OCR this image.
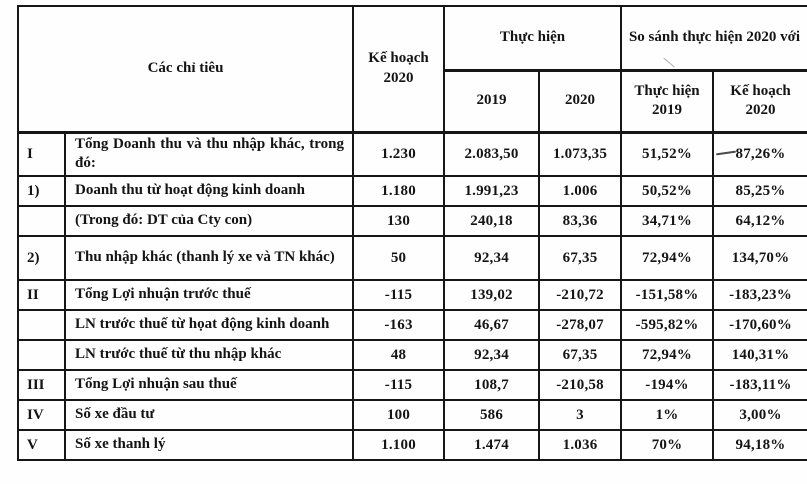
Các chỉ tiêu		Kế hoạch 2020	Thực hiện		So sánh thực hiện 2020 với	
			2019	2020	Thực hiện 2019	Kế hoạch 2020
I	Tổng Doanh thu và thu nhập khác, trong đó:	1.230	2.083,50	1.073,35	51,52%	87,26%
1)	Doanh thu từ hoạt động kinh doanh	1.180	1.991,23	1.006	50,52%	85,25%
	(Trong đó: DT của Cty con)	130	240,18	83,36	34,71%	64,12%
2)	Thu nhập khác (thanh lý xe và TN khác)	50	92,34	67,35	72,94%	134,70%
II	Tổng Lợi nhuận trước thuế	-115	139,02	-210,72	-151,58%	-183,23%
	LN trước thuế từ họat động kinh doanh	-163	46,67	-278,07	-595,82%	-170,60%
	LN trước thuế từ thu nhập khác	48	92,34	67,35	72,94%	140,31%
III	Tổng Lợi nhuận sau thuế	-115	108,7	-210,58	-194%	-183,11%
IV	Số xe đầu tư	100	586	3	1%	3,00%
V	Số xe thanh lý	1.100	1.474	1.036	70%	94,18%
